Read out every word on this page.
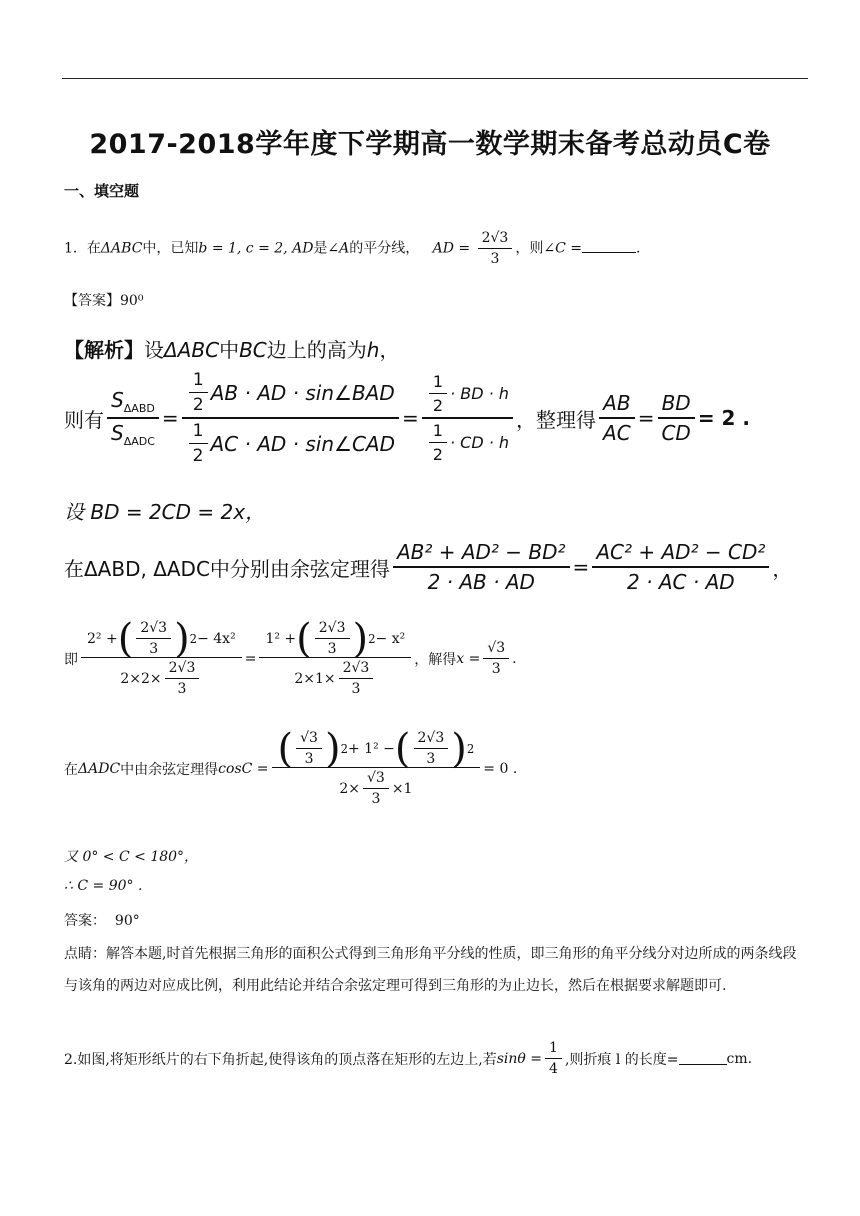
2017-2018学年度下学期高一数学期末备考总动员C卷
一、填空题
1．在ΔABC中，已知b = 1, c = 2, AD是∠A的平分线， AD = $\frac{2√3}{3}$ ，则∠C =	.
【答案】90⁰
【解析】设ΔABC中BC边上的高为h，
则有 $\frac{S_{\Delta ABD}}{S_{\Delta ADC}} = \frac{\frac{1}{2} AB \cdot AD \cdot \sin\angle BAD}{\frac{1}{2} AC \cdot AD \cdot \sin\angle CAD} = \frac{\frac{1}{2} \cdot BD \cdot h}{\frac{1}{2} \cdot CD \cdot h}$ ，整理得 $\frac{AB}{AC} = \frac{BD}{CD} = 2$ .
设 BD = 2CD = 2x，
在ΔABD, ΔADC中分别由余弦定理得 $\frac{\text{AB² + AD² − BD²}}{2 \cdot AB \cdot AD} = \frac{\text{AC² + AD² − CD²}}{2 \cdot AC \cdot AD}$ ，
即 $\frac{2^2 + ( \frac{2√3}{3} ) 2 - 4x^2}{2\times 2\times \frac{2√3}{3}} = \frac{1^2 + ( \frac{2√3}{3} ) 2 - x^2}{2\times 1\times \frac{2√3}{3}}$ ，解得 $x = \frac{√3}{3}$ .
在 ΔADC 中由余弦定理得 $\cos C = \frac{( \frac{√3}{3} ) 2 + 1^2 - ( \frac{2√3}{3} ) 2}{2\times \frac{√3}{3} \times 1} = 0$ .
又 0° < C < 180°，
∴ C = 90° .
答案： 90°
点睛：解答本题,时首先根据三角形的面积公式得到三角形角平分线的性质，即三角形的角平分线分对边所成的两条线段与该角的两边对应成比例，利用此结论并结合余弦定理可得到三角形的为止边长，然后在根据要求解题即可.
2.如图,将矩形纸片的右下角折起,使得该角的顶点落在矩形的左边上,若 $\sin\theta = \frac{1}{4}$ ,则折痕 l 的长度=	cm.
